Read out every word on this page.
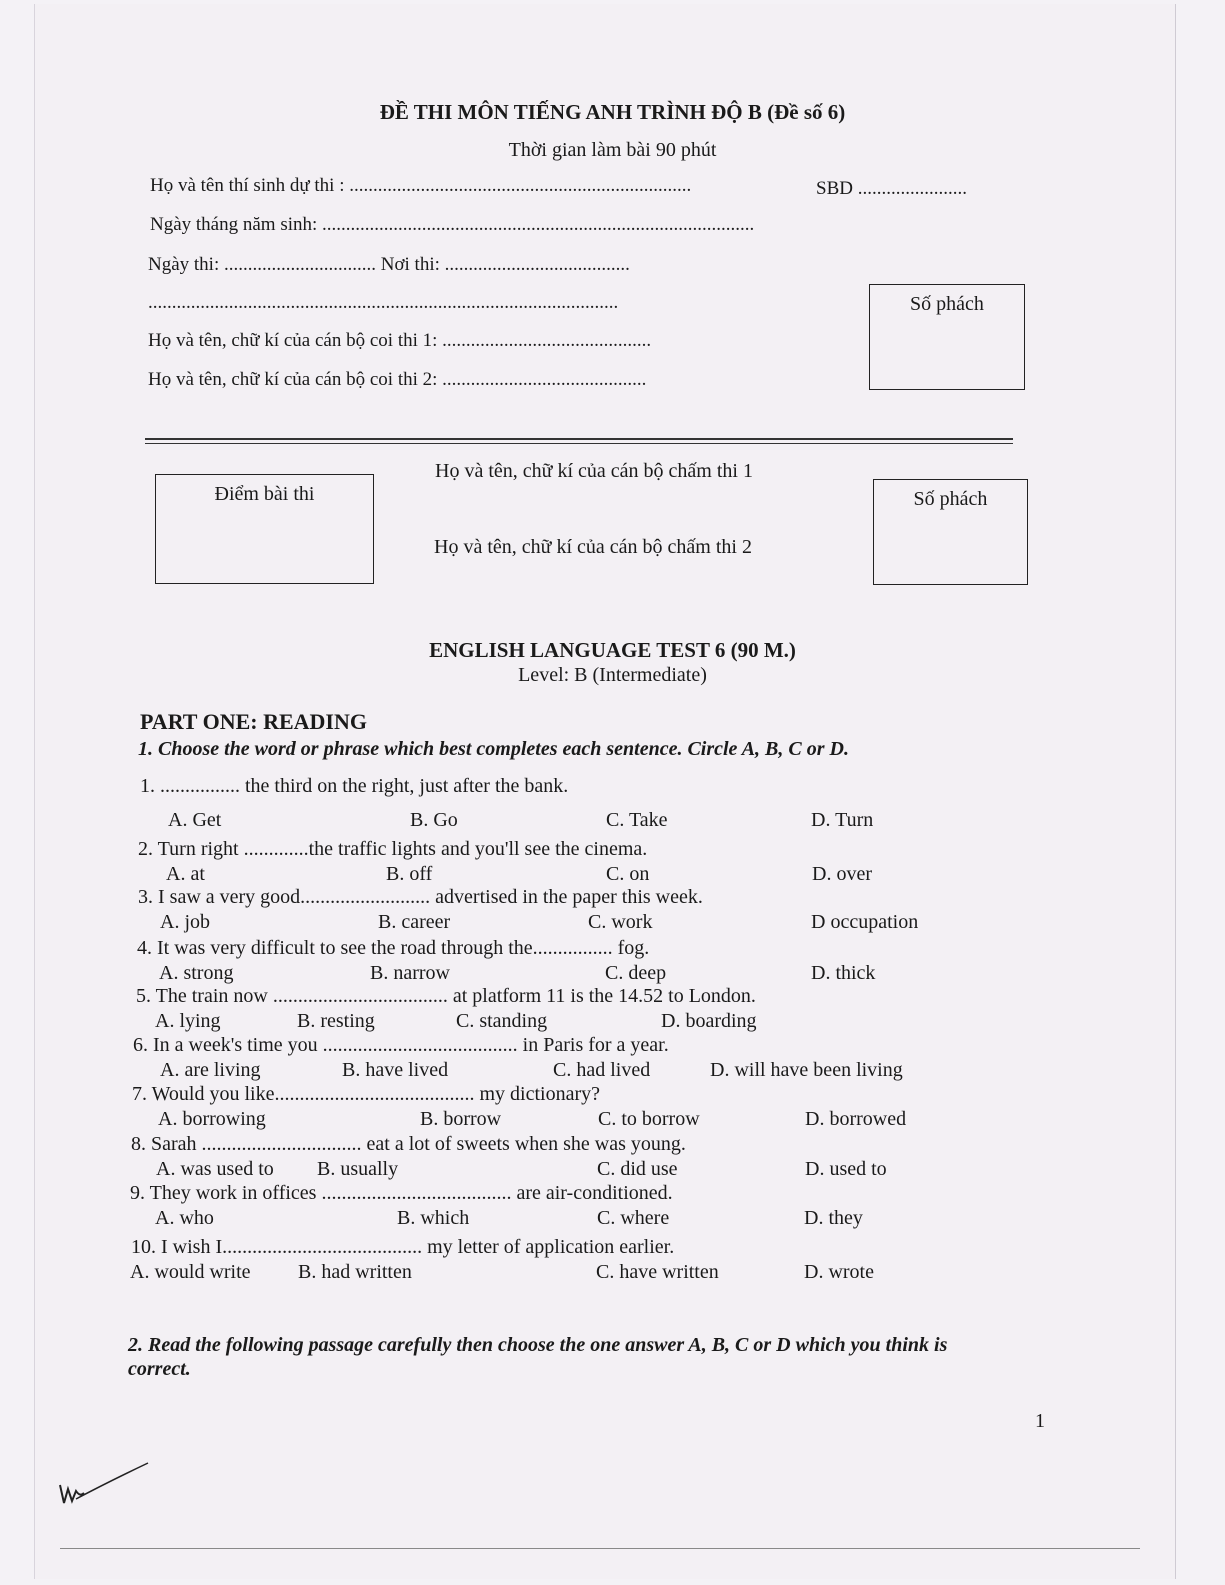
ĐỀ THI MÔN TIẾNG ANH TRÌNH ĐỘ B (Đề số 6)
Thời gian làm bài 90 phút
Họ và tên thí sinh dự thi : ........................................................................	SBD .......................
Ngày tháng năm sinh: ...........................................................................................
Ngày thi: ................................ Nơi thi: .......................................
...................................................................................................
Họ và tên, chữ kí của cán bộ coi thi 1: ............................................
Họ và tên, chữ kí của cán bộ coi thi 2: ...........................................
Số phách
Điểm bài thi
Họ và tên, chữ kí của cán bộ chấm thi 1
Họ và tên, chữ kí của cán bộ chấm thi 2
Số phách
ENGLISH LANGUAGE TEST 6 (90 M.)
Level: B (Intermediate)
PART ONE: READING
1. Choose the word or phrase which best completes each sentence. Circle A, B, C or D.
1. ................ the third on the right, just after the bank.
A. Get	B. Go	C. Take	D. Turn
2. Turn right .............the traffic lights and you'll see the cinema.
A. at	B. off	C. on	D. over
3. I saw a very good.......................... advertised in the paper this week.
A. job	B. career	C. work	D occupation
4. It was very difficult to see the road through the................ fog.
A. strong	B. narrow	C. deep	D. thick
5. The train now ................................... at platform 11 is the 14.52 to London.
A. lying	B. resting	C. standing	D. boarding
6. In a week's time you ....................................... in Paris for a year.
A. are living	B. have lived	C. had lived	D. will have been living
7. Would you like........................................ my dictionary?
A. borrowing	B. borrow	C. to borrow	D. borrowed
8. Sarah ................................ eat a lot of sweets when she was young.
A. was used to B. usually	C. did use	D. used to
9. They work in offices ...................................... are air-conditioned.
A. who	B. which	C. where	D. they
10. I wish I........................................ my letter of application earlier.
A. would write B. had written	C. have written	D. wrote
2. Read the following passage carefully then choose the one answer A, B, C or D which you think is
correct.
1
